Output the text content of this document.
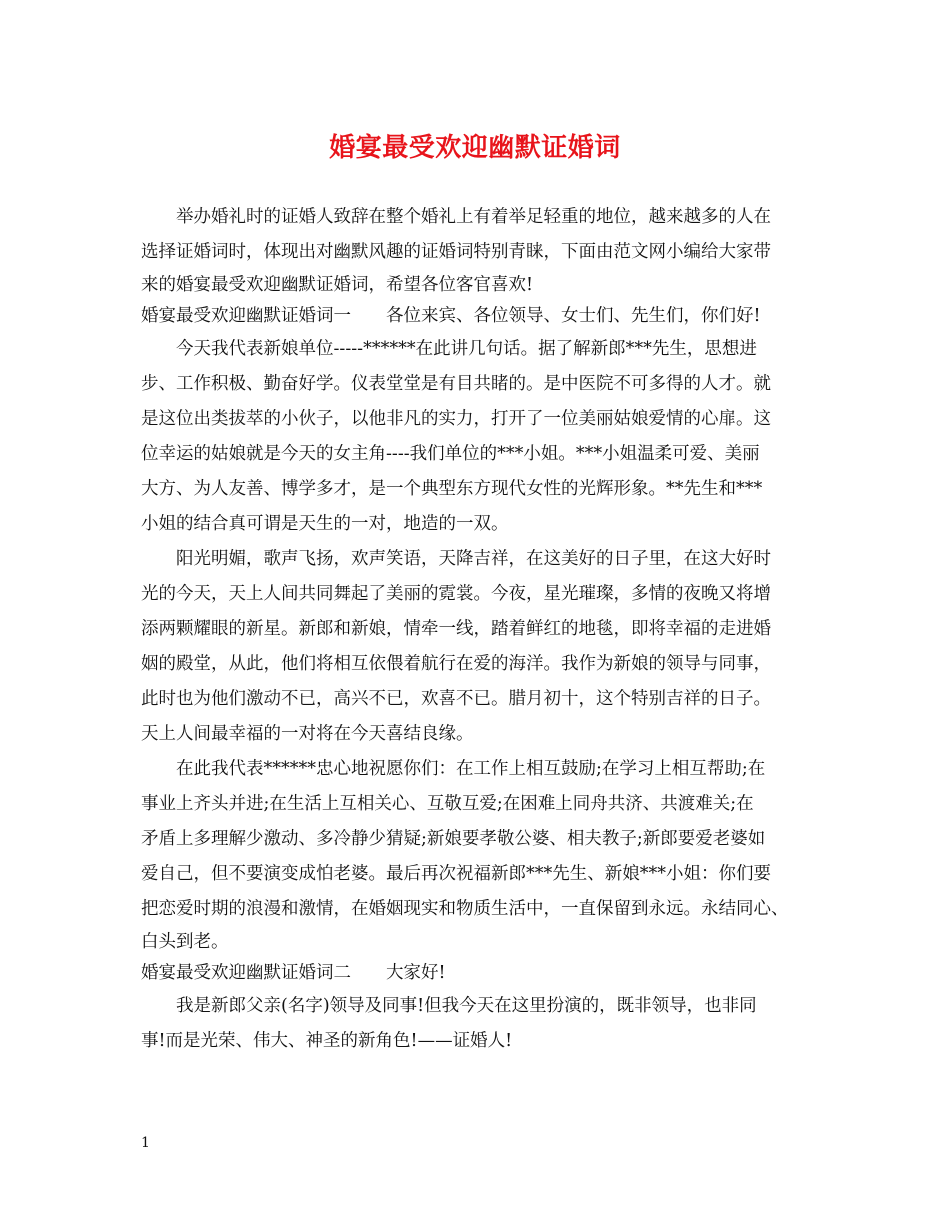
婚宴最受欢迎幽默证婚词
　　举办婚礼时的证婚人致辞在整个婚礼上有着举足轻重的地位，越来越多的人在
选择证婚词时，体现出对幽默风趣的证婚词特别青睐，下面由范文网小编给大家带
来的婚宴最受欢迎幽默证婚词，希望各位客官喜欢!
婚宴最受欢迎幽默证婚词一　　各位来宾、各位领导、女士们、先生们，你们好!
　　今天我代表新娘单位-----******在此讲几句话。据了解新郎***先生，思想进
步、工作积极、勤奋好学。仪表堂堂是有目共睹的。是中医院不可多得的人才。就
是这位出类拔萃的小伙子，以他非凡的实力，打开了一位美丽姑娘爱情的心扉。这
位幸运的姑娘就是今天的女主角----我们单位的***小姐。***小姐温柔可爱、美丽
大方、为人友善、博学多才，是一个典型东方现代女性的光辉形象。**先生和***
小姐的结合真可谓是天生的一对，地造的一双。
　　阳光明媚，歌声飞扬，欢声笑语，天降吉祥，在这美好的日子里，在这大好时
光的今天，天上人间共同舞起了美丽的霓裳。今夜，星光璀璨，多情的夜晚又将增
添两颗耀眼的新星。新郎和新娘，情牵一线，踏着鲜红的地毯，即将幸福的走进婚
姻的殿堂，从此，他们将相互依偎着航行在爱的海洋。我作为新娘的领导与同事，
此时也为他们激动不已，高兴不已，欢喜不已。腊月初十，这个特别吉祥的日子。
天上人间最幸福的一对将在今天喜结良缘。
　　在此我代表******忠心地祝愿你们：在工作上相互鼓励;在学习上相互帮助;在
事业上齐头并进;在生活上互相关心、互敬互爱;在困难上同舟共济、共渡难关;在
矛盾上多理解少激动、多冷静少猜疑;新娘要孝敬公婆、相夫教子;新郎要爱老婆如
爱自己，但不要演变成怕老婆。最后再次祝福新郎***先生、新娘***小姐：你们要
把恋爱时期的浪漫和激情，在婚姻现实和物质生活中，一直保留到永远。永结同心、
白头到老。
婚宴最受欢迎幽默证婚词二　　大家好!
　　我是新郎父亲(名字)领导及同事!但我今天在这里扮演的，既非领导，也非同
事!而是光荣、伟大、神圣的新角色!——证婚人!
1
